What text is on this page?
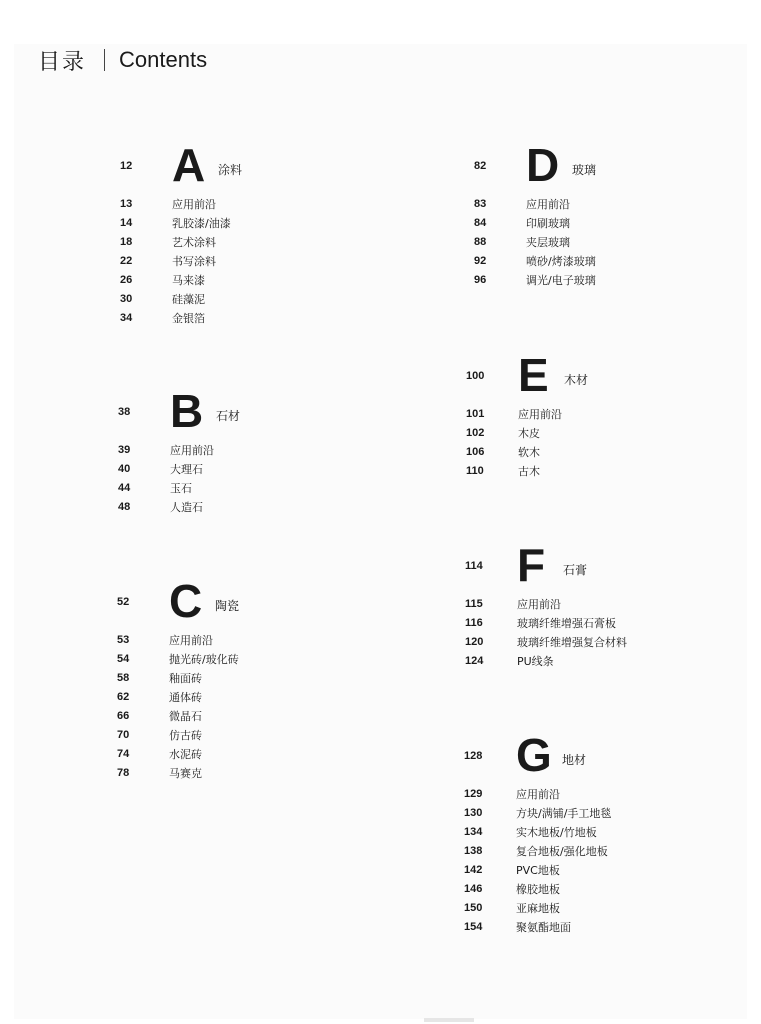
目录 Contents
12 A	涂料
13	应用前沿
14	乳胶漆/油漆
18	艺术涂料
22	书写涂料
26	马来漆
30	硅藻泥
34	金银箔
38 B	石材
39	应用前沿
40	大理石
44	玉石
48	人造石
52 C	陶瓷
53	应用前沿
54	抛光砖/玻化砖
58	釉面砖
62	通体砖
66	微晶石
70	仿古砖
74	水泥砖
78	马赛克
82 D	玻璃
83	应用前沿
84	印刷玻璃
88	夹层玻璃
92	喷砂/烤漆玻璃
96	调光/电子玻璃
100 E	木材
101	应用前沿
102	木皮
106	软木
110	古木
114 F	石膏
115	应用前沿
116	玻璃纤维增强石膏板
120	玻璃纤维增强复合材料
124	PU线条
128 G 地材
129	应用前沿
130	方块/满铺/手工地毯
134	实木地板/竹地板
138	复合地板/强化地板
142	PVC地板
146	橡胶地板
150	亚麻地板
154	聚氨酯地面
